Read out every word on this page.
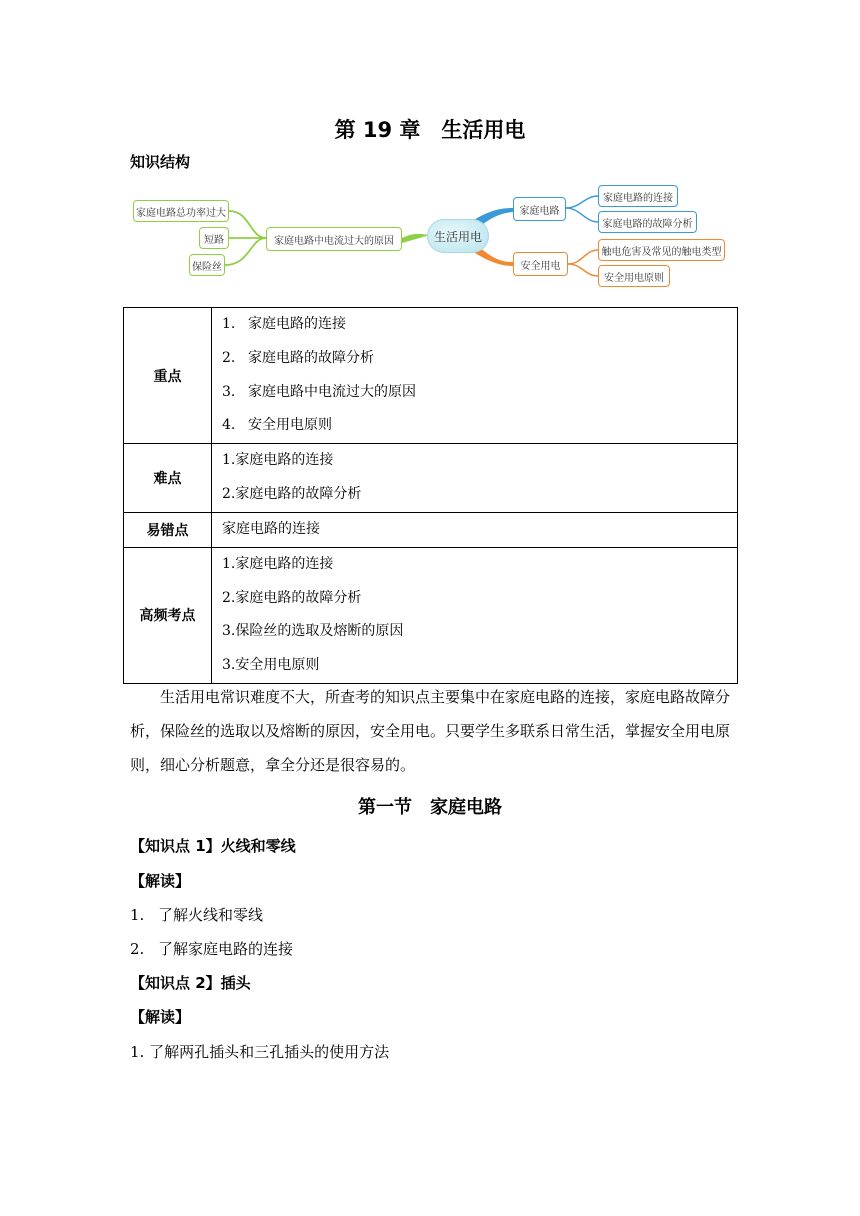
第 19 章　生活用电
知识结构
家庭电路总功率过大
短路
保险丝
家庭电路中电流过大的原因	生活用电
家庭电路
家庭电路的连接
家庭电路的故障分析
安全用电
触电危害及常见的触电类型
安全用电原则
重点	1. 家庭电路的连接
2. 家庭电路的故障分析
3. 家庭电路中电流过大的原因
4. 安全用电原则

难点	1.家庭电路的连接
2.家庭电路的故障分析

易错点	家庭电路的连接

高频考点	1.家庭电路的连接
2.家庭电路的故障分析
3.保险丝的选取及熔断的原因
3.安全用电原则
生活用电常识难度不大，所查考的知识点主要集中在家庭电路的连接，家庭电路故障分析，保险丝的选取以及熔断的原因，安全用电。只要学生多联系日常生活，掌握安全用电原则，细心分析题意，拿全分还是很容易的。
第一节　家庭电路
【知识点 1】火线和零线
【解读】
1. 了解火线和零线
2. 了解家庭电路的连接
【知识点 2】插头
【解读】
1. 了解两孔插头和三孔插头的使用方法
